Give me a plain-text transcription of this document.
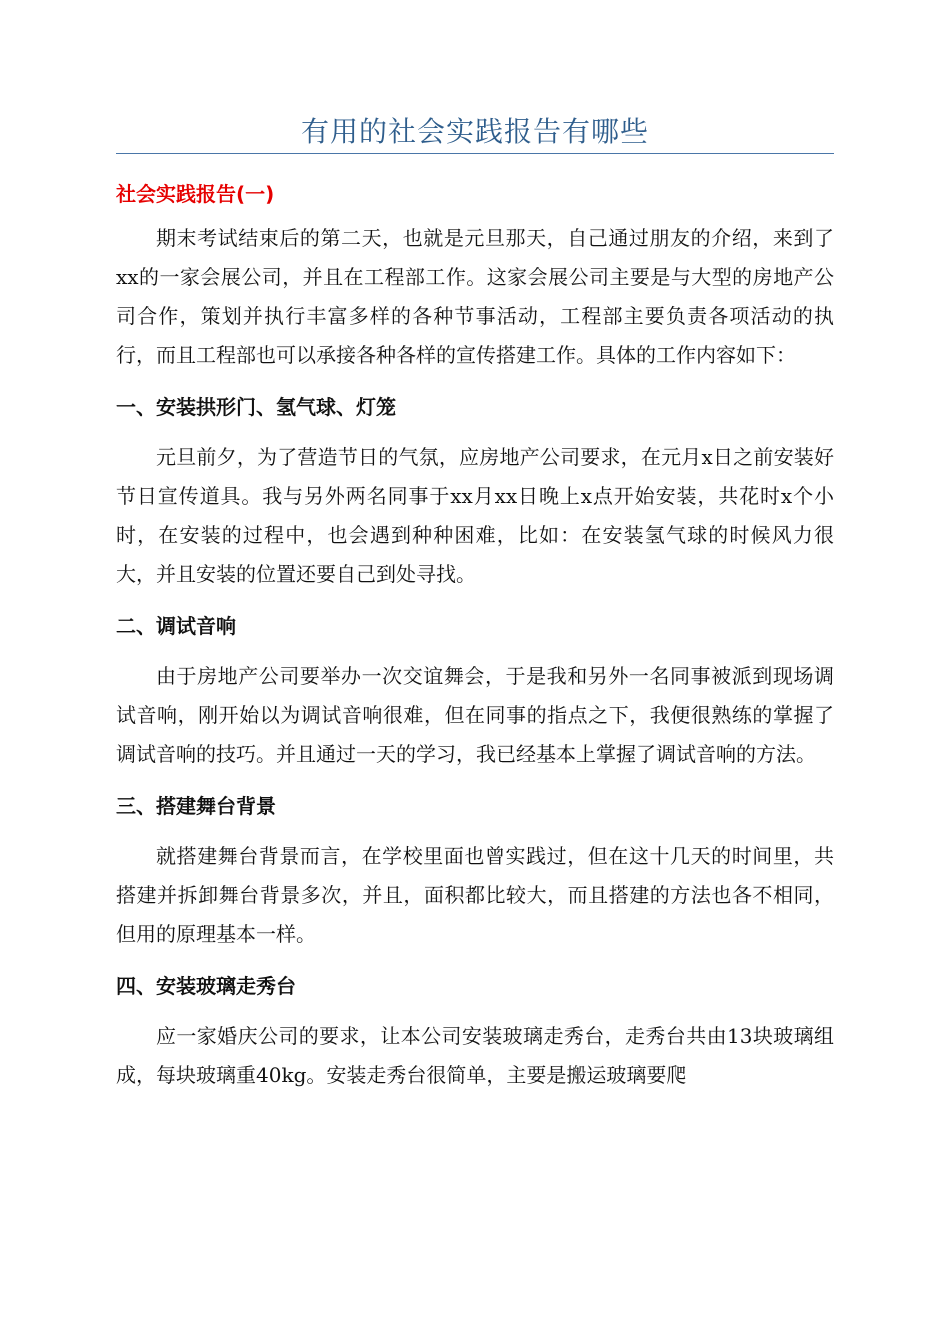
有用的社会实践报告有哪些
社会实践报告(一)

期末考试结束后的第二天，也就是元旦那天，自己通过朋友的介绍，来到了xx的一家会展公司，并且在工程部工作。这家会展公司主要是与大型的房地产公司合作，策划并执行丰富多样的各种节事活动，工程部主要负责各项活动的执行，而且工程部也可以承接各种各样的宣传搭建工作。具体的工作内容如下：

一、安装拱形门、氢气球、灯笼

元旦前夕，为了营造节日的气氛，应房地产公司要求，在元月x日之前安装好节日宣传道具。我与另外两名同事于xx月xx日晚上x点开始安装，共花时x个小时，在安装的过程中，也会遇到种种困难，比如：在安装氢气球的时候风力很大，并且安装的位置还要自己到处寻找。

二、调试音响

由于房地产公司要举办一次交谊舞会，于是我和另外一名同事被派到现场调试音响，刚开始以为调试音响很难，但在同事的指点之下，我便很熟练的掌握了调试音响的技巧。并且通过一天的学习，我已经基本上掌握了调试音响的方法。

三、搭建舞台背景

就搭建舞台背景而言，在学校里面也曾实践过，但在这十几天的时间里，共搭建并拆卸舞台背景多次，并且，面积都比较大，而且搭建的方法也各不相同，但用的原理基本一样。

四、安装玻璃走秀台

应一家婚庆公司的要求，让本公司安装玻璃走秀台，走秀台共由13块玻璃组成，每块玻璃重40kg。安装走秀台很简单，主要是搬运玻璃要爬
